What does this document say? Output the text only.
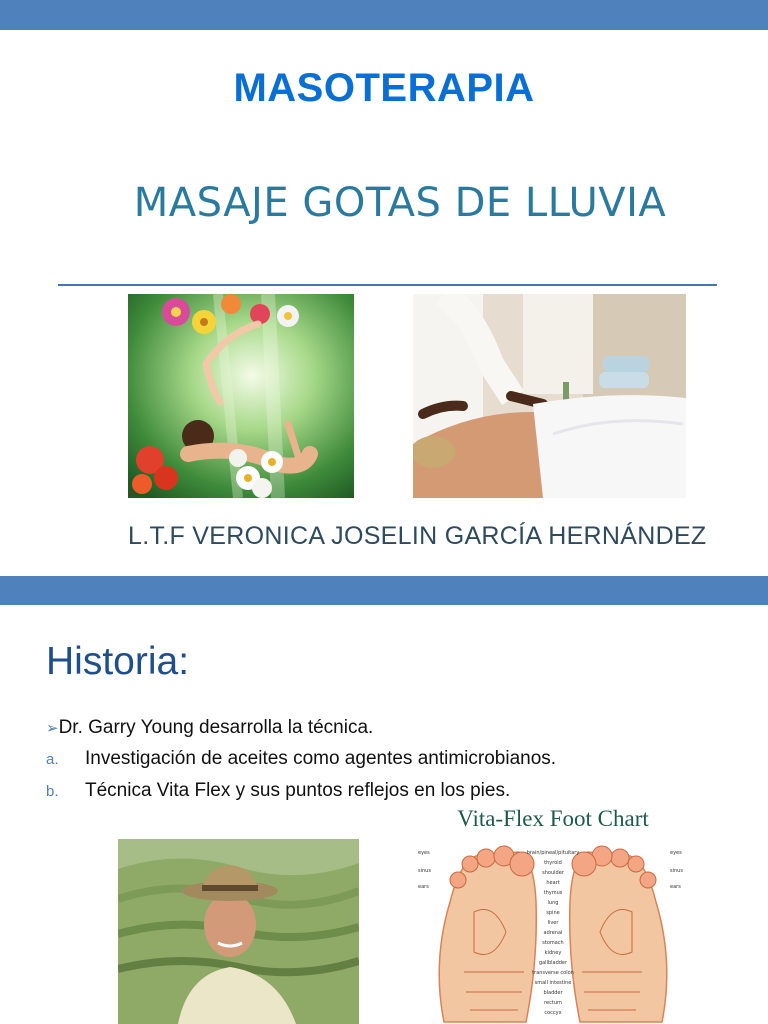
MASOTERAPIA
MASAJE GOTAS DE LLUVIA
L.T.F VERONICA JOSELIN GARCÍA HERNÁNDEZ
Historia:
➢Dr. Garry Young desarrolla la técnica.
a. Investigación de aceites como agentes antimicrobianos.
b. Técnica Vita Flex y sus puntos reflejos en los pies.
Vita-Flex Foot Chart
brain/pineal/pituitary
thyroid
shoulder
heart
thymus
lung
spine
liver
adrenal
stomach
kidney
gallbladder
transverse colon
small intestine
bladder
rectum
coccyx
eyes
sinus
ears
eyes
sinus
ears
